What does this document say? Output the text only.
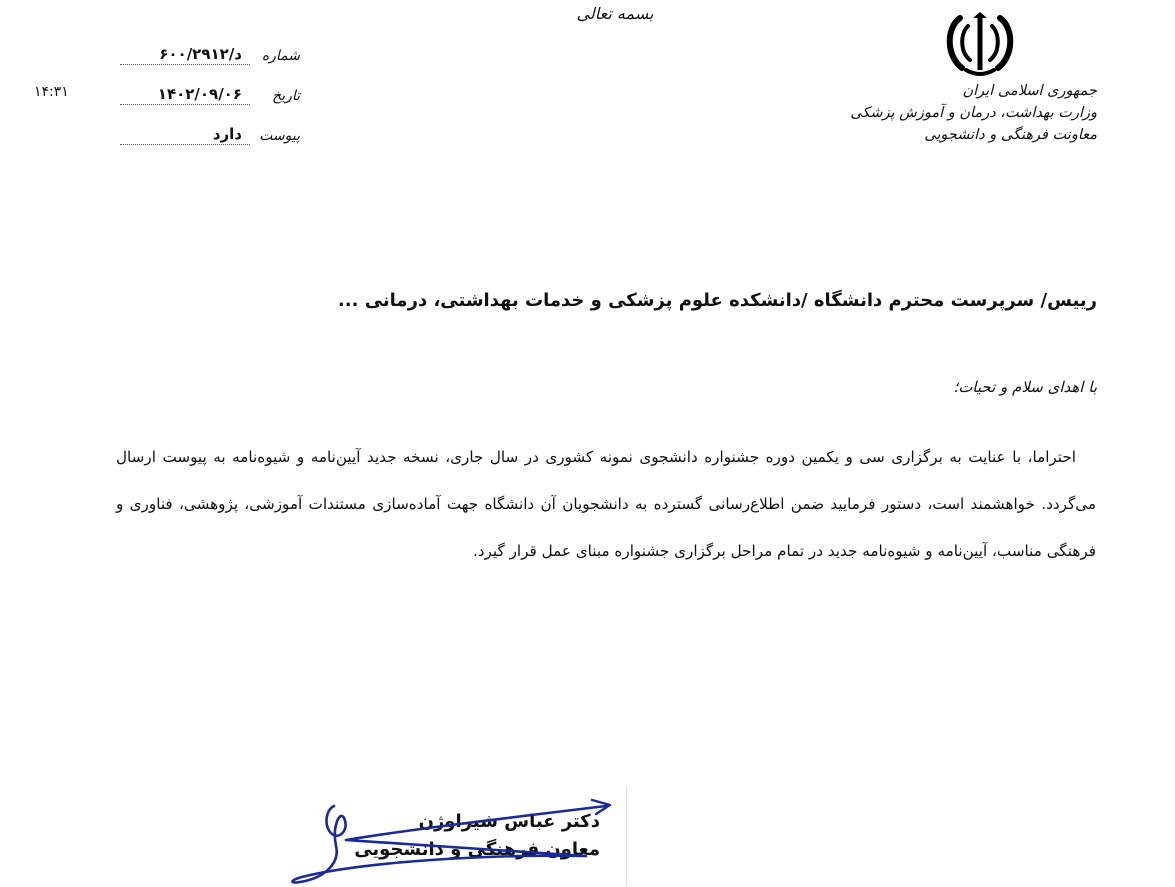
بسمه تعالی
جمهوری اسلامی ایران
وزارت بهداشت، درمان و آموزش پزشکی
معاونت فرهنگی و دانشجویی
شماره
د/۶۰۰/۲۹۱۲
تاریخ
۱۴۰۲/۰۹/۰۶
پیوست
دارد
۱۴:۳۱
رییس/ سرپرست محترم دانشگاه /دانشکده علوم پزشکی و خدمات بهداشتی، درمانی ...
با اهدای سلام و تحیات؛
احتراما، با عنایت به برگزاری سی و یکمین دوره جشنواره دانشجوی نمونه کشوری در سال جاری، نسخه جدید آیین‌نامه و شیوه‌نامه به پیوست ارسال می‌گردد. خواهشمند است، دستور فرمایید ضمن اطلاع‌رسانی گسترده به دانشجویان آن دانشگاه جهت آماده‌سازی مستندات آموزشی، پژوهشی، فناوری و فرهنگی مناسب، آیین‌نامه و شیوه‌نامه جدید در تمام مراحل برگزاری جشنواره مبنای عمل قرار گیرد.
دکتر عباس شیراوژن
معاون فرهنگی و دانشجویی
